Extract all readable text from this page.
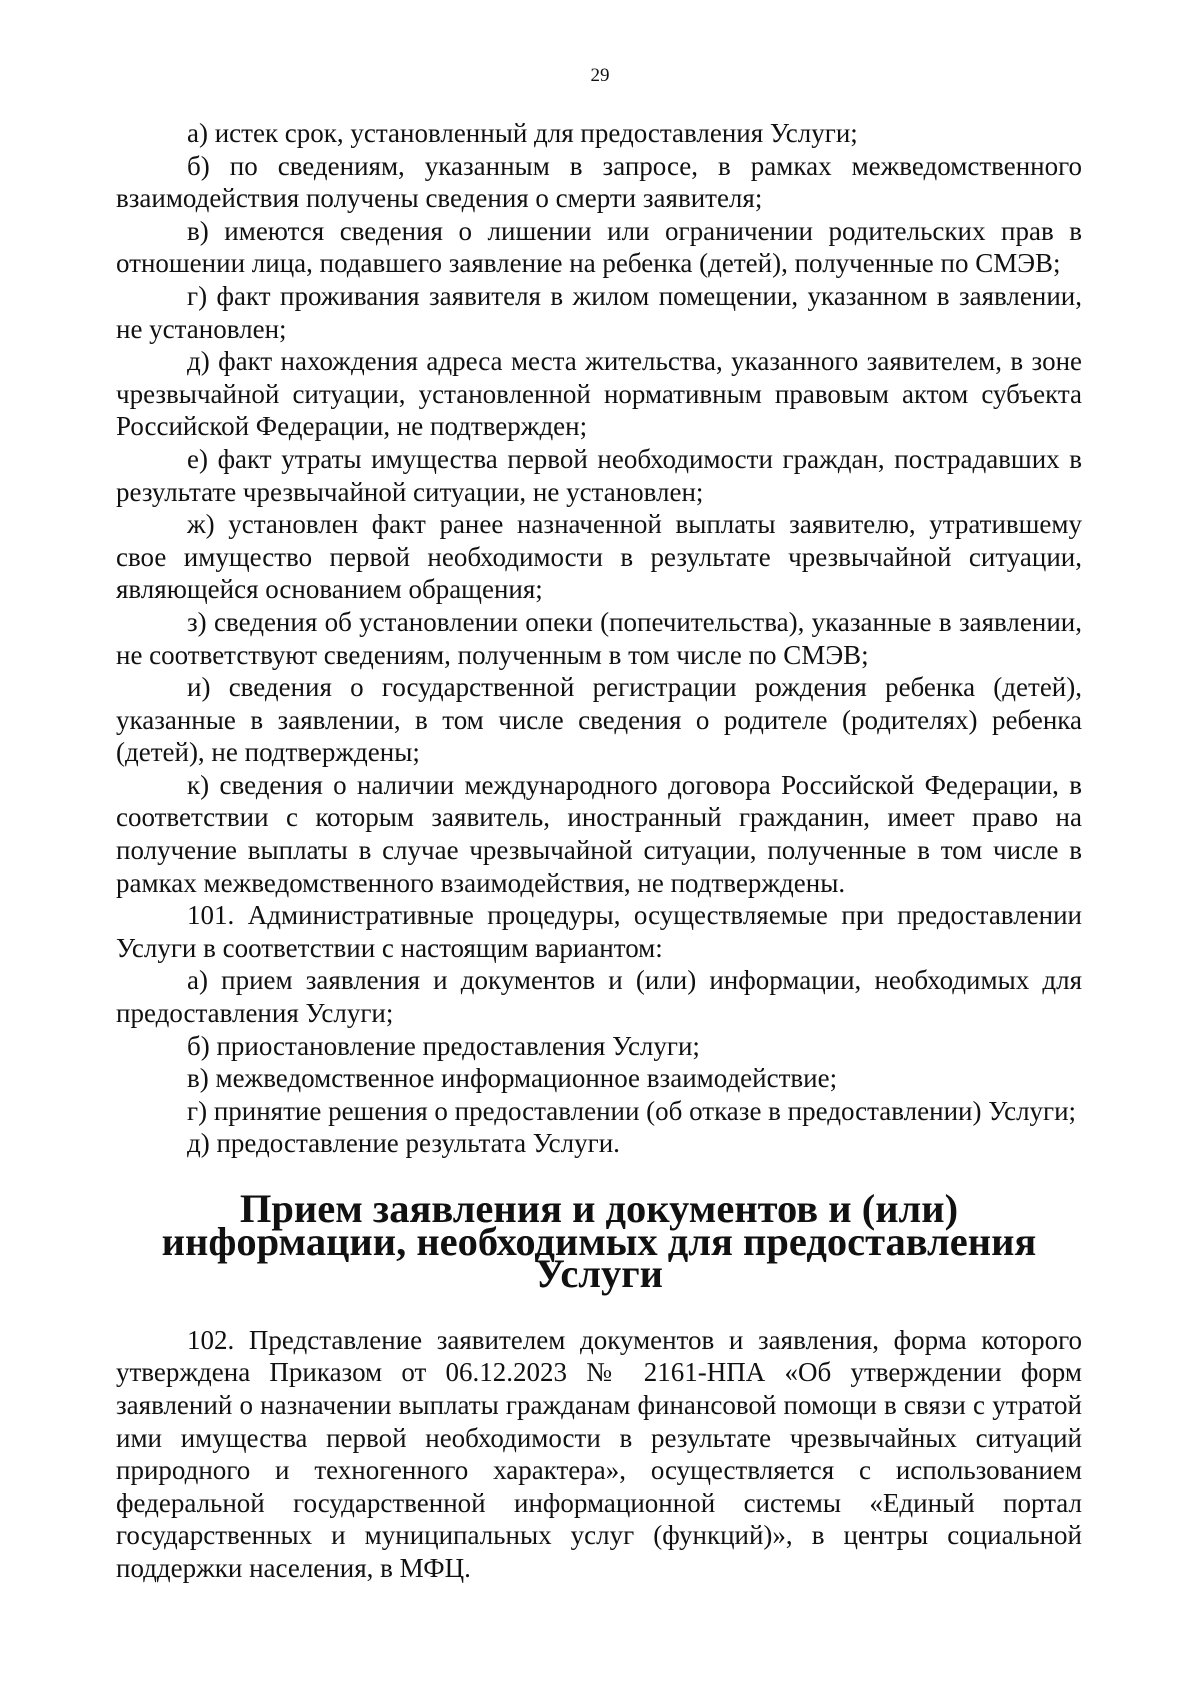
29

а) истек срок, установленный для предоставления Услуги;

б) по сведениям, указанным в запросе, в рамках межведомственного взаимодействия получены сведения о смерти заявителя;

в) имеются сведения о лишении или ограничении родительских прав в отношении лица, подавшего заявление на ребенка (детей), полученные по СМЭВ;

г) факт проживания заявителя в жилом помещении, указанном в заявлении, не установлен;

д) факт нахождения адреса места жительства, указанного заявителем, в зоне чрезвычайной ситуации, установленной нормативным правовым актом субъекта Российской Федерации, не подтвержден;

е) факт утраты имущества первой необходимости граждан, пострадавших в результате чрезвычайной ситуации, не установлен;

ж) установлен факт ранее назначенной выплаты заявителю, утратившему свое имущество первой необходимости в результате чрезвычайной ситуации, являющейся основанием обращения;

з) сведения об установлении опеки (попечительства), указанные в заявлении, не соответствуют сведениям, полученным в том числе по СМЭВ;

и) сведения о государственной регистрации рождения ребенка (детей), указанные в заявлении, в том числе сведения о родителе (родителях) ребенка (детей), не подтверждены;

к) сведения о наличии международного договора Российской Федерации, в соответствии с которым заявитель, иностранный гражданин, имеет право на получение выплаты в случае чрезвычайной ситуации, полученные в том числе в рамках межведомственного взаимодействия, не подтверждены.

101. Административные процедуры, осуществляемые при предоставлении Услуги в соответствии с настоящим вариантом:

а) прием заявления и документов и (или) информации, необходимых для предоставления Услуги;

б) приостановление предоставления Услуги;

в) межведомственное информационное взаимодействие;

г) принятие решения о предоставлении (об отказе в предоставлении) Услуги;

д) предоставление результата Услуги.

Прием заявления и документов и (или) информации, необходимых для предоставления Услуги

102. Представление заявителем документов и заявления, форма которого утверждена Приказом от 06.12.2023 № 2161-НПА «Об утверждении форм заявлений о назначении выплаты гражданам финансовой помощи в связи с утратой ими имущества первой необходимости в результате чрезвычайных ситуаций природного и техногенного характера», осуществляется с использованием федеральной государственной информационной системы «Единый портал государственных и муниципальных услуг (функций)», в центры социальной поддержки населения, в МФЦ.
